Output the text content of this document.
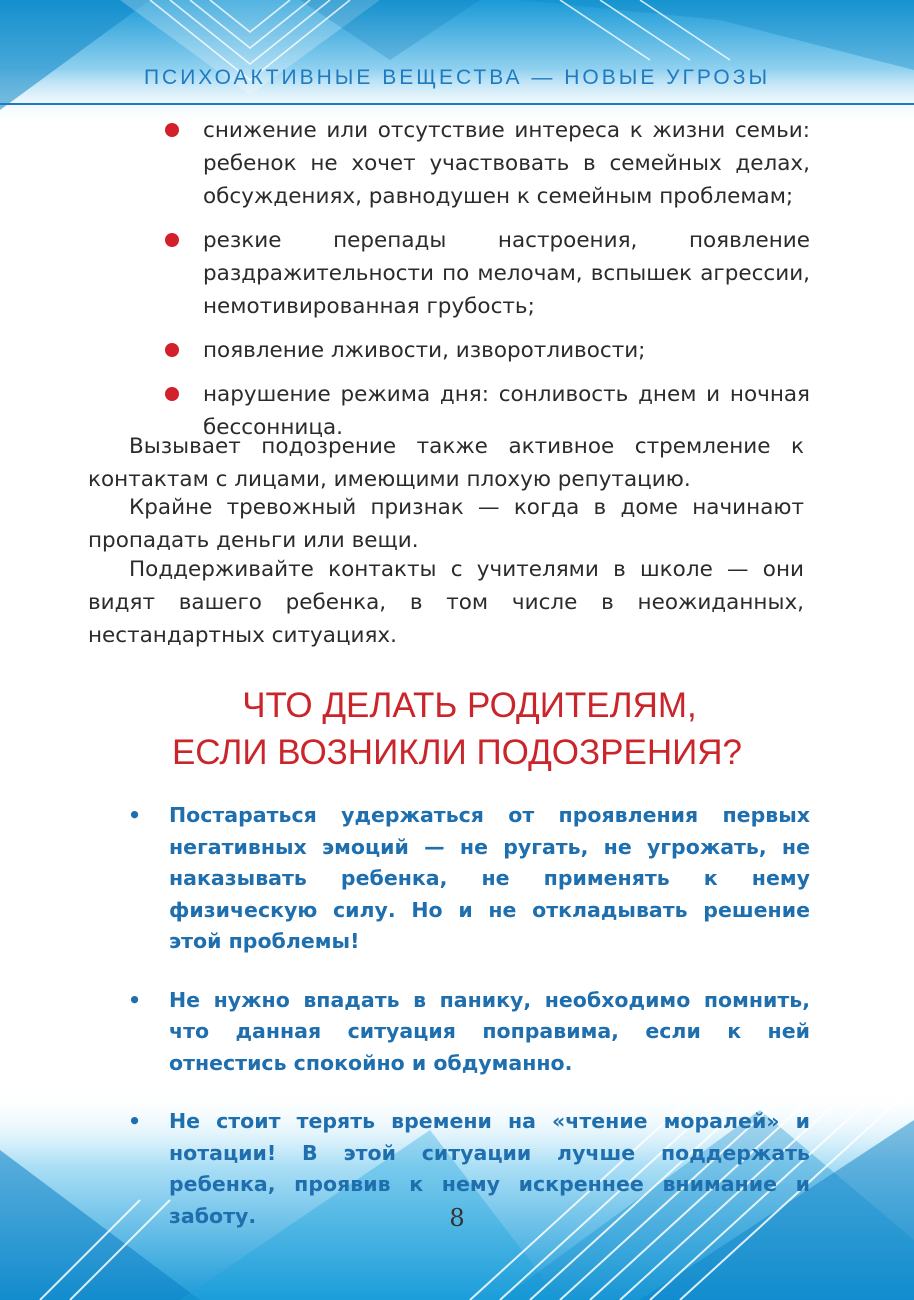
ПСИХОАКТИВНЫЕ ВЕЩЕСТВА — НОВЫЕ УГРОЗЫ
снижение или отсутствие интереса к жизни семьи: ребенок не хочет участвовать в семейных делах, обсуждениях, равнодушен к семейным проблемам;
резкие перепады настроения, появление раздражительности по мелочам, вспышек агрессии, немотивированная грубость;
появление лживости, изворотливости;
нарушение режима дня: сонливость днем и ночная бессонница.

Вызывает подозрение также активное стремление к контактам с лицами, имеющими плохую репутацию.

Крайне тревожный признак — когда в доме начинают пропадать деньги или вещи.

Поддерживайте контакты с учителями в школе — они видят вашего ребенка, в том числе в неожиданных, нестандартных ситуациях.

ЧТО ДЕЛАТЬ РОДИТЕЛЯМ,
ЕСЛИ ВОЗНИКЛИ ПОДОЗРЕНИЯ?
• Постараться удержаться от проявления первых негативных эмоций — не ругать, не угрожать, не наказывать ребенка, не применять к нему физическую силу. Но и не откладывать решение этой проблемы!
• Не нужно впадать в панику, необходимо помнить, что данная ситуация поправима, если к ней отнестись спокойно и обдуманно.
• Не стоит терять времени на «чтение моралей» и нотации! В этой ситуации лучше поддержать ребенка, проявив к нему искреннее внимание и заботу.	8
